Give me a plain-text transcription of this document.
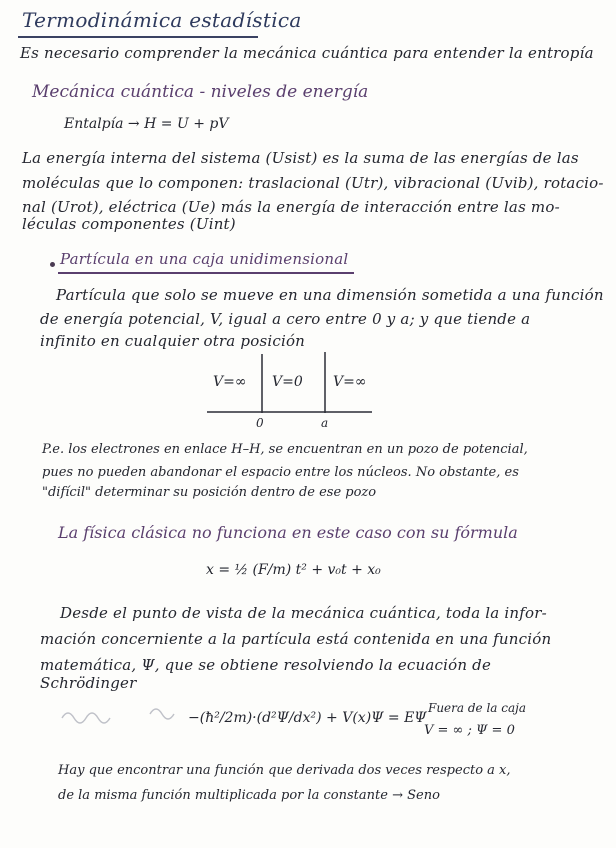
Termodinámica estadística
Es necesario comprender la mecánica cuántica para entender la entropía
Mecánica cuántica - niveles de energía
Entalpía → H = U + pV
La energía interna del sistema (Usist) es la suma de las energías de las
moléculas que lo componen: traslacional (Utr), vibracional (Uvib), rotacio-
nal (Urot), eléctrica (Ue) más la energía de interacción entre las mo-
léculas componentes (Uint)
Partícula en una caja unidimensional
Partícula que solo se mueve en una dimensión sometida a una función
de energía potencial, V, igual a cero entre 0 y a; y que tiende a
infinito en cualquier otra posición
V=∞ V=0 V=∞
0	a
P.e. los electrones en enlace H–H, se encuentran en un pozo de potencial,
pues no pueden abandonar el espacio entre los núcleos. No obstante, es
"difícil" determinar su posición dentro de ese pozo
La física clásica no funciona en este caso con su fórmula
x = ½ (F/m) t² + v₀t + x₀
Desde el punto de vista de la mecánica cuántica, toda la infor-
mación concerniente a la partícula está contenida en una función
matemática, Ψ, que se obtiene resolviendo la ecuación de
Schrödinger
−(ħ²/2m)·(d²Ψ/dx²) + V(x)Ψ = EΨ
Fuera de la caja
V = ∞ ; Ψ = 0
Hay que encontrar una función que derivada dos veces respecto a x,
de la misma función multiplicada por la constante → Seno
